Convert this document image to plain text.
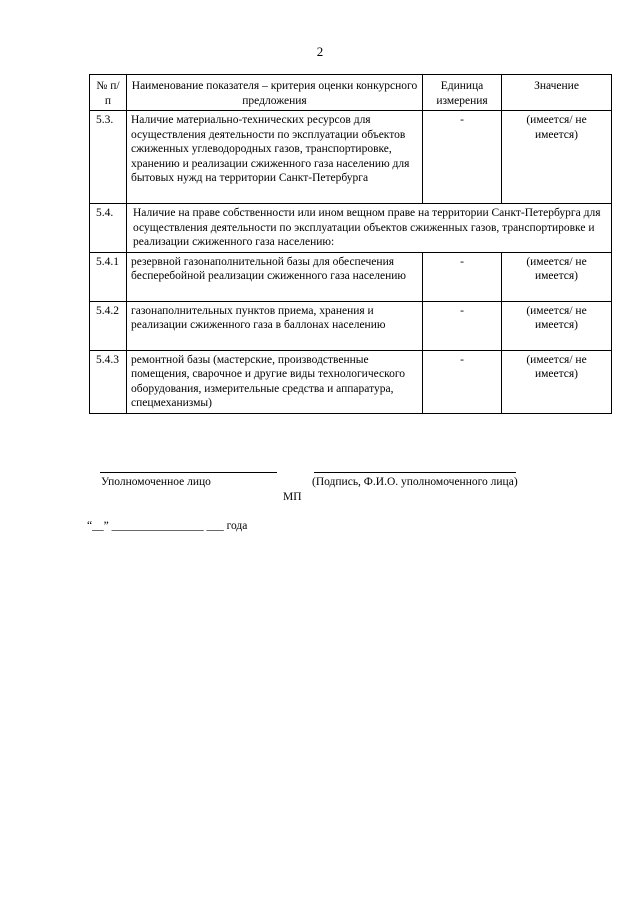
2
№ п/п	Наименование показателя – критерия оценки конкурсного предложения	Единица измерения	Значение
5.3.	Наличие материально-технических ресурсов для осуществления деятельности по эксплуатации объектов сжиженных углеводородных газов, транспортировке, хранению и реализации сжиженного газа населению для бытовых нужд на территории Санкт-Петербурга	-	(имеется/ не имеется)
5.4.	Наличие на праве собственности или ином вещном праве на территории Санкт-Петербурга для осуществления деятельности по эксплуатации объектов сжиженных газов, транспортировке и реализации сжиженного газа населению:		
5.4.1	резервной газонаполнительной базы для обеспечения бесперебойной реализации сжиженного газа населению	-	(имеется/ не имеется)
5.4.2	газонаполнительных пунктов приема, хранения и реализации сжиженного газа в баллонах населению	-	(имеется/ не имеется)
5.4.3	ремонтной базы (мастерские, производственные помещения, сварочное и другие виды технологического оборудования, измерительные средства и аппаратура, спецмеханизмы)	-	(имеется/ не имеется)
Уполномоченное лицо	(Подпись, Ф.И.О. уполномоченного лица)
МП
“__” ________________ ___ года
